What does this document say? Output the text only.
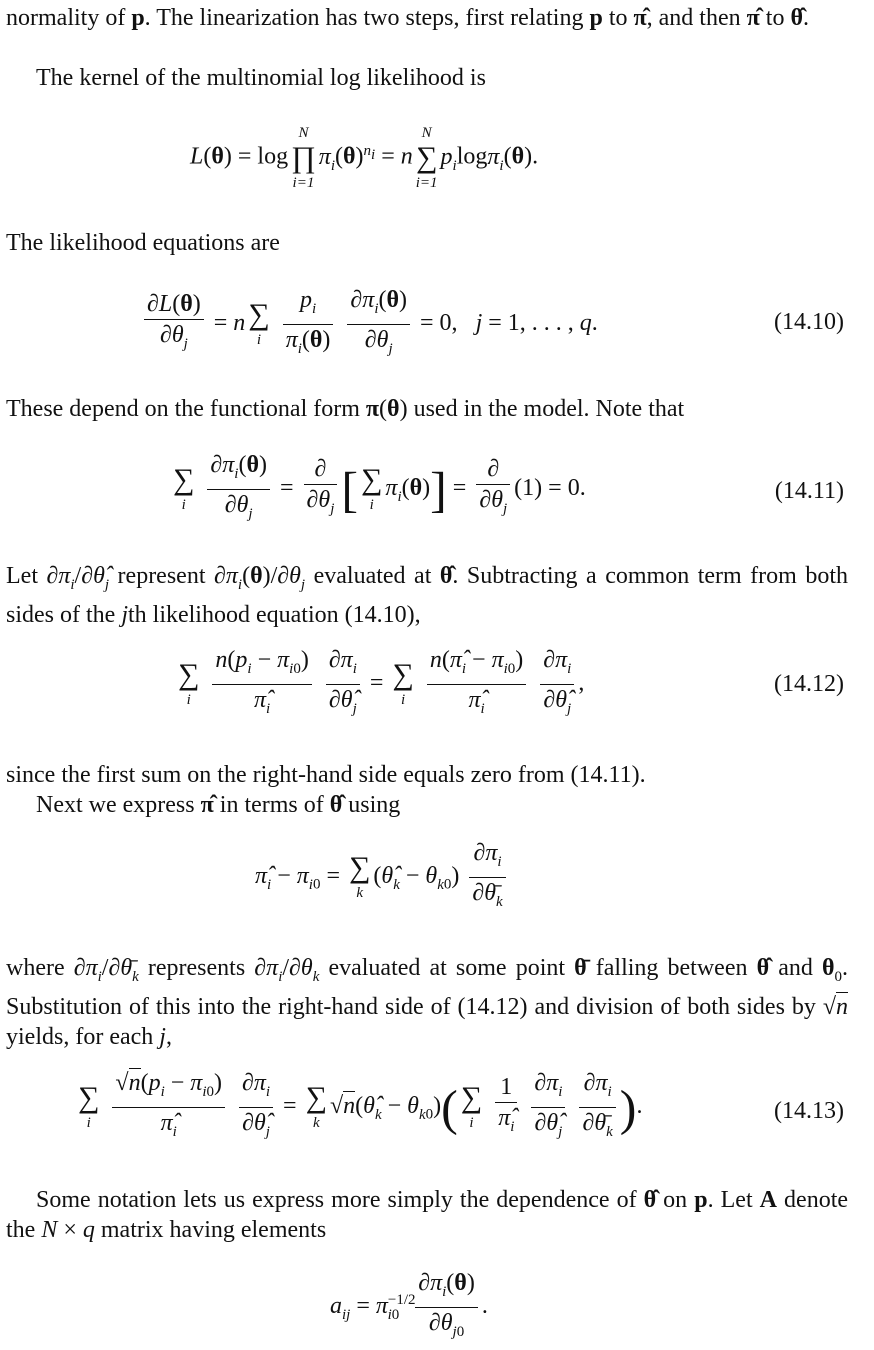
normality of p. The linearization has two steps, first relating p to π̂, and then π̂ to θ̂.

The kernel of the multinomial log likelihood is

L(θ) = log
N
∏
i=1
$\pi_i(\theta)^{n_i} = n$
N
∑
i=1
$p_i\log\pi_i(\theta)$.

The likelihood equations are

$\frac{\partial L(\theta)}{\partial\theta_j} = n$ ∑
i
$\frac{p_i}{\pi_i(\theta)}$
$\frac{\partial\pi_i(\theta)}{\partial\theta_j} = 0$,   j = 1, . . . , q.	(14.10)

These depend on the functional form π(θ) used in the model. Note that

∑
i
$\frac{\partial\pi_i(\theta)}{\partial\theta_j} = \frac{\partial}{\partial\theta_j}$ [ ∑
i
$\pi_i(\theta)] = \frac{\partial}{\partial\theta_j} (1) = 0$.	(14.11)

Let $\partial\pi_i/\partial\thetâ_j$ represent $\partial\pi_i(\theta)/\partial\theta_j$ evaluated at θ̂. Subtracting a common term from both sides of the jth likelihood equation (14.10),

∑
i
$\frac{n(p_i - \pi_{i0})}{\pî_i}$
$\frac{\partial\pi_i}{\partial\thetâ_j}$ = ∑
i
$\frac{n(\pî_i - \pi_{i0})}{\pî_i}$
$\frac{\partial\pi_i}{\partial\thetâ_j}$ ,	(14.12)

since the first sum on the right-hand side equals zero from (14.11).

Next we express π̂ in terms of θ̂ using

$\pî_i - \pi_{i0}$ = ∑
k
$(\thetâ_k - \theta_{k0}) \frac{\partial\pi_i}{\partial\thetā_k}$

where $\partial\pi_i/\partial\thetā_k$ represents $\partial\pi_i/\partial\theta_k$ evaluated at some point θ̄ falling between θ̂ and $\theta_0$. Substitution of this into the right-hand side of (14.12) and division of both sides by √n yields, for each j,

∑
i
$\frac{√n(p_i - \pi_{i0})}{\pî_i}$
$\frac{\partial\pi_i}{\partial\thetâ_j}$ = ∑
k
$√n(\thetâ_k - \theta_{k0})$( ∑
i
$\frac{1}{\pî_i}$
$\frac{\partial\pi_i}{\partial\thetâ_j}$
$\frac{\partial\pi_i}{\partial\thetā_k}$ ).	(14.13)

Some notation lets us express more simply the dependence of θ̂ on p. Let A denote the N × q matrix having elements

$a_{ij} = \pi^{-1/2}_{i0} \frac{\partial\pi_i(\theta)}{\partial\theta_{j0}}$ .
